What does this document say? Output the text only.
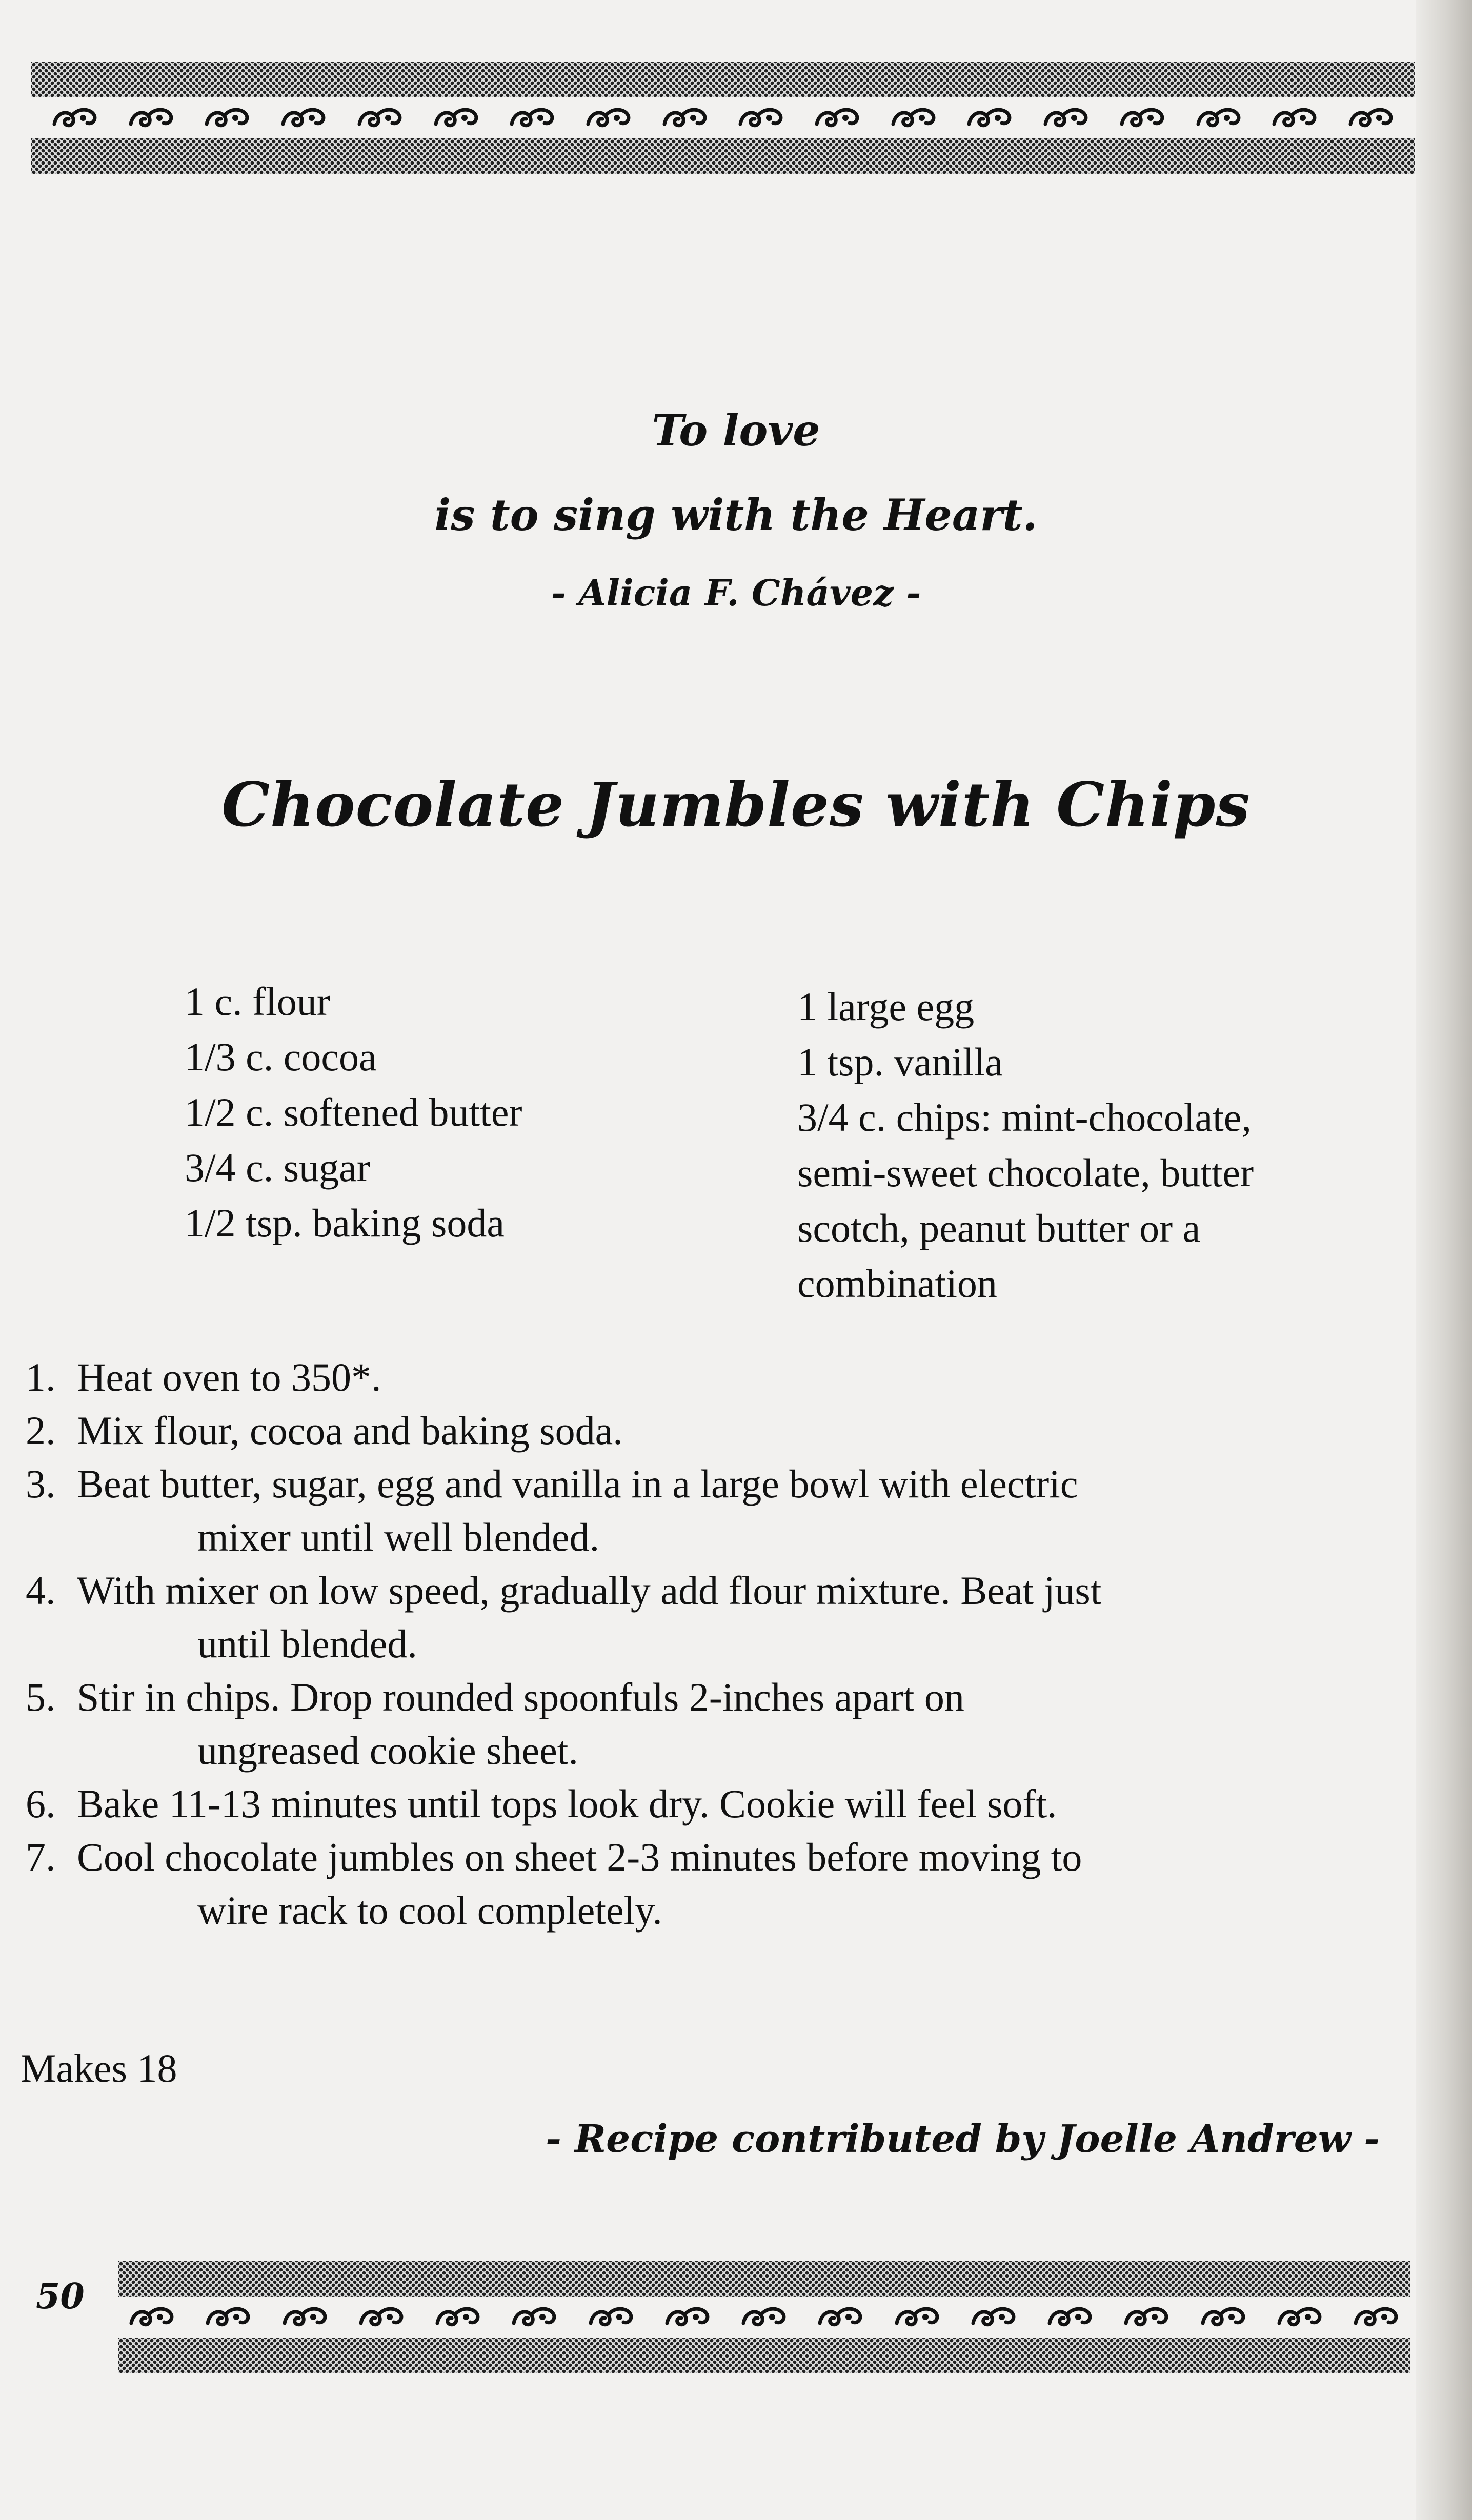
To love
is to sing with the Heart.
- Alicia F. Chávez -
Chocolate Jumbles with Chips
1 c. flour
1/3 c. cocoa
1/2 c. softened butter
3/4 c. sugar
1/2 tsp. baking soda
1 large egg
1 tsp. vanilla
3/4 c. chips: mint-chocolate,
semi-sweet chocolate, butter
scotch, peanut butter or a
combination
1. Heat oven to 350*.
2. Mix flour, cocoa and baking soda.
3. Beat butter, sugar, egg and vanilla in a large bowl with electric
mixer until well blended.
4. With mixer on low speed, gradually add flour mixture. Beat just
until blended.
5. Stir in chips. Drop rounded spoonfuls 2-inches apart on
ungreased cookie sheet.
6. Bake 11-13 minutes until tops look dry. Cookie will feel soft.
7. Cool chocolate jumbles on sheet 2-3 minutes before moving to
wire rack to cool completely.
Makes 18
- Recipe contributed by Joelle Andrew -
50
